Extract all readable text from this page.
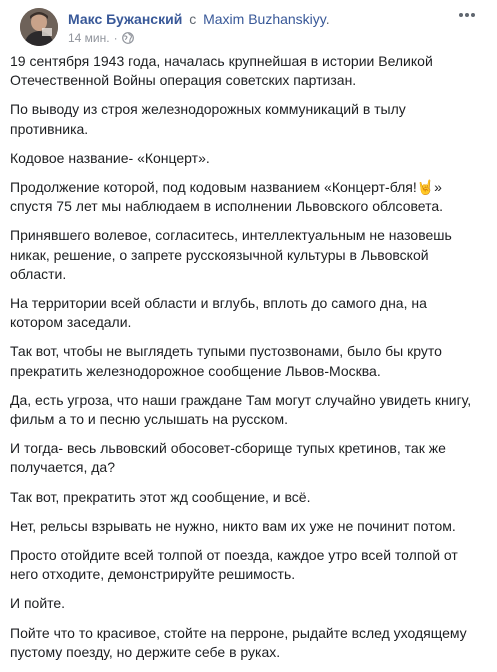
Макс Бужанский с Maxim Buzhanskiyy.
14 мин. ·

19 сентября 1943 года, началась крупнейшая в истории Великой Отечественной Войны операция советских партизан.

По выводу из строя железнодорожных коммуникаций в тылу противника.

Кодовое название- «Концерт».

Продолжение которой, под кодовым названием «Концерт-бля!🤘» спустя 75 лет мы наблюдаем в исполнении Львовского облсовета.

Принявшего волевое, согласитесь, интеллектуальным не назовешь никак, решение, о запрете русскоязычной культуры в Львовской области.

На территории всей области и вглубь, вплоть до самого дна, на котором заседали.

Так вот, чтобы не выглядеть тупыми пустозвонами, было бы круто прекратить железнодорожное сообщение Львов-Москва.

Да, есть угроза, что наши граждане Там могут случайно увидеть книгу, фильм а то и песню услышать на русском.

И тогда- весь львовский обосовет-сборище тупых кретинов, так же получается, да?

Так вот, прекратить этот жд сообщение, и всё.

Нет, рельсы взрывать не нужно, никто вам их уже не починит потом.

Просто отойдите всей толпой от поезда, каждое утро всей толпой от него отходите, демонстрируйте решимость.

И пойте.

Пойте что то красивое, стойте на перроне, рыдайте вслед уходящему пустому поезду, но держите себе в руках.
